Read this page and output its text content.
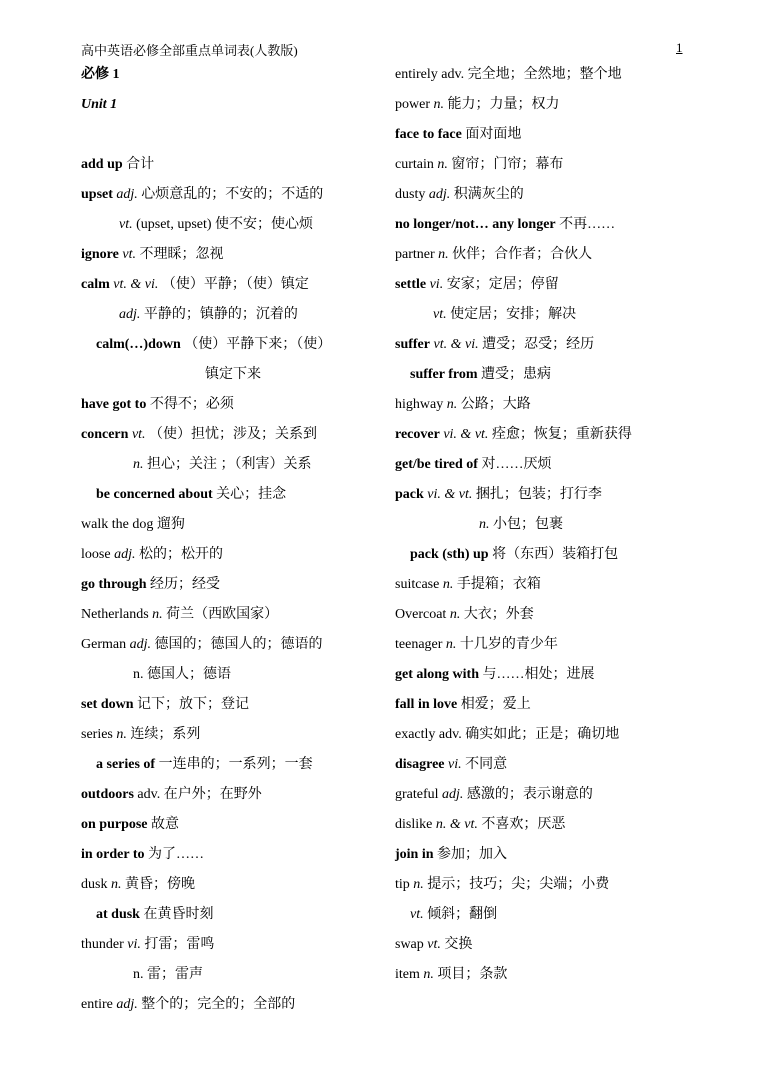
高中英语必修全部重点单词表(人教版)	1
必修 1
Unit 1
add up 合计
upset adj. 心烦意乱的；不安的；不适的
vt. (upset, upset) 使不安；使心烦
ignore vt. 不理睬；忽视
calm vt. & vi. （使）平静；（使）镇定
adj. 平静的；镇静的；沉着的
calm(…)down （使）平静下来；（使）
镇定下来
have got to 不得不；必须
concern vt. （使）担忧；涉及；关系到
n. 担心；关注 ；（利害）关系
be concerned about 关心；挂念
walk the dog 遛狗
loose adj. 松的；松开的
go through 经历；经受
Netherlands n. 荷兰（西欧国家）
German adj. 德国的；德国人的；德语的
n. 德国人；德语
set down 记下；放下；登记
series n. 连续；系列
a series of 一连串的；一系列；一套
outdoors adv. 在户外；在野外
on purpose 故意
in order to 为了……
dusk n. 黄昏；傍晚
at dusk 在黄昏时刻
thunder vi. 打雷；雷鸣
n. 雷；雷声
entire adj. 整个的；完全的；全部的
entirely adv. 完全地；全然地；整个地
power n. 能力；力量；权力
face to face 面对面地
curtain n. 窗帘；门帘；幕布
dusty adj. 积满灰尘的
no longer/not… any longer 不再……
partner n. 伙伴；合作者；合伙人
settle vi. 安家；定居；停留
vt. 使定居；安排；解决
suffer vt. & vi. 遭受；忍受；经历
suffer from 遭受；患病
highway n. 公路；大路
recover vi. & vt. 痊愈；恢复；重新获得
get/be tired of 对……厌烦
pack vi. & vt. 捆扎；包装；打行李
n. 小包；包裹
pack (sth) up 将（东西）装箱打包
suitcase n. 手提箱；衣箱
Overcoat n. 大衣；外套
teenager n. 十几岁的青少年
get along with 与……相处；进展
fall in love 相爱；爱上
exactly adv. 确实如此；正是；确切地
disagree vi. 不同意
grateful adj. 感激的；表示谢意的
dislike n. & vt. 不喜欢；厌恶
join in 参加；加入
tip n. 提示；技巧；尖；尖端；小费
vt. 倾斜；翻倒
swap vt. 交换
item n. 项目；条款
